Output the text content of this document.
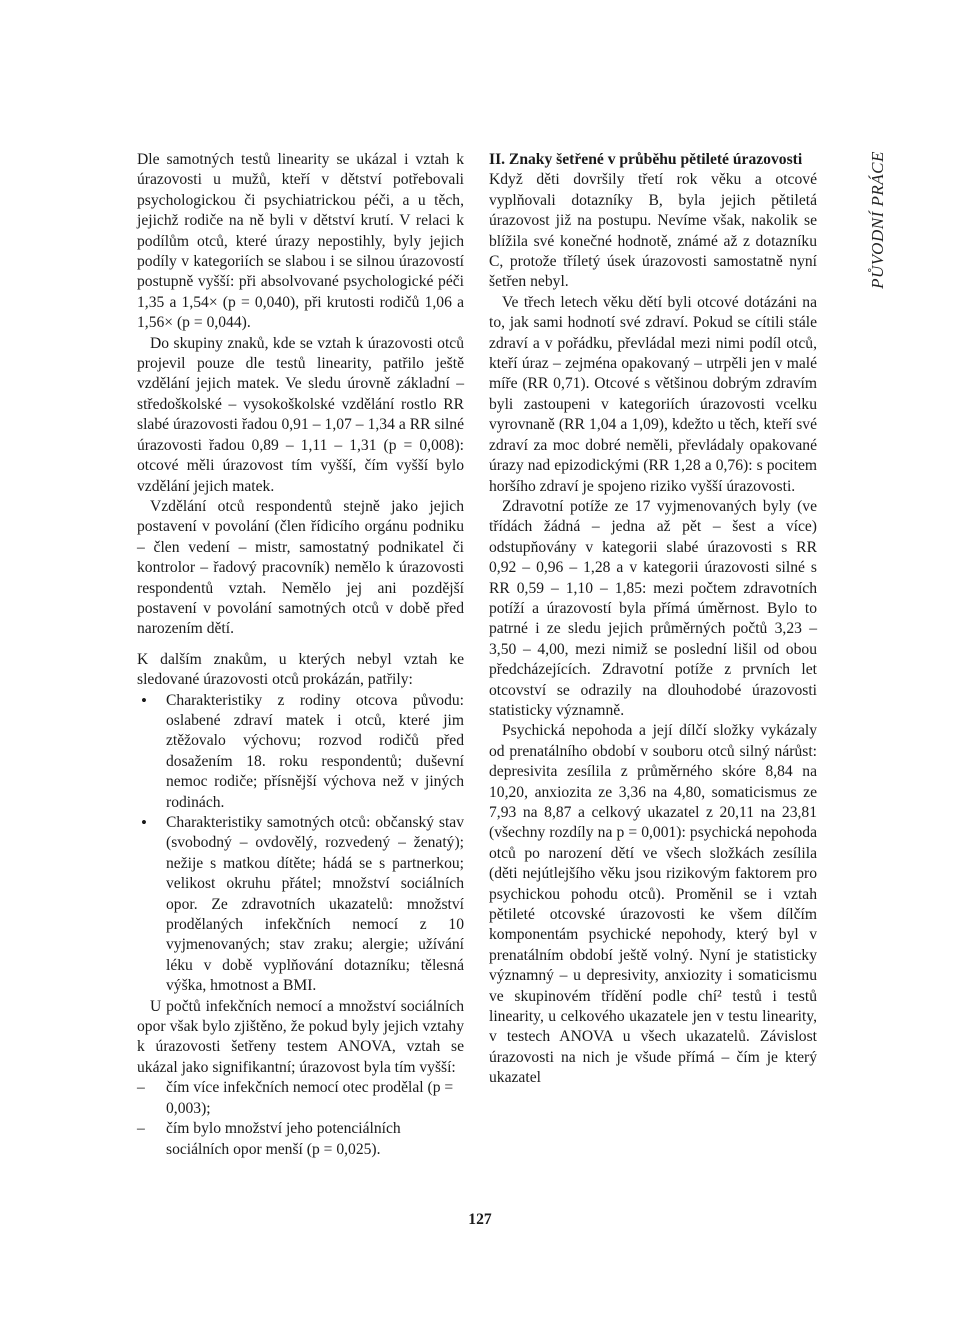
Dle samotných testů linearity se ukázal i vztah k úrazovosti u mužů, kteří v dětství potřebovali psychologickou či psychiatrickou péči, a u těch, jejichž rodiče na ně byli v dětství krutí. V relaci k podílům otců, které úrazy nepostihly, byly jejich podíly v kategoriích se slabou i se silnou úrazovostí postupně vyšší: při absolvované psychologické péči 1,35 a 1,54× (p = 0,040), při krutosti rodičů 1,06 a 1,56× (p = 0,044).

Do skupiny znaků, kde se vztah k úrazovosti otců projevil pouze dle testů linearity, patřilo ještě vzdělání jejich matek. Ve sledu úrovně základní – středoškolské – vysokoškolské vzdělání rostlo RR slabé úrazovosti řadou 0,91 – 1,07 – 1,34 a RR silné úrazovosti řadou 0,89 – 1,11 – 1,31 (p = 0,008): otcové měli úrazovost tím vyšší, čím vyšší bylo vzdělání jejich matek.

Vzdělání otců respondentů stejně jako jejich postavení v povolání (člen řídicího orgánu podniku – člen vedení – mistr, samostatný podnikatel či kontrolor – řadový pracovník) nemělo k úrazovosti respondentů vztah. Nemělo jej ani pozdější postavení v povolání samotných otců v době před narozením dětí.

K dalším znakům, u kterých nebyl vztah ke sledované úrazovosti otců prokázán, patřily:

• Charakteristiky z rodiny otcova původu: oslabené zdraví matek i otců, které jim ztěžovalo výchovu; rozvod rodičů před dosažením 18. roku respondentů; duševní nemoc rodiče; přísnější výchova než v jiných rodinách.
• Charakteristiky samotných otců: občanský stav (svobodný – ovdovělý, rozvedený – ženatý); nežije s matkou dítěte; hádá se s partnerkou; velikost okruhu přátel; množství sociálních opor. Ze zdravotních ukazatelů: množství prodělaných infekčních nemocí z 10 vyjmenovaných; stav zraku; alergie; užívání léku v době vyplňování dotazníku; tělesná výška, hmotnost a BMI.

U počtů infekčních nemocí a množství sociálních opor však bylo zjištěno, že pokud byly jejich vztahy k úrazovosti šetřeny testem ANOVA, vztah se ukázal jako signifikantní; úrazovost byla tím vyšší:

– čím více infekčních nemocí otec prodělal (p = 0,003);
– čím bylo množství jeho potenciálních sociálních opor menší (p = 0,025).
II. Znaky šetřené v průběhu pětileté úrazovosti

Když děti dovršily třetí rok věku a otcové vyplňovali dotazníky B, byla jejich pětiletá úrazovost již na postupu. Nevíme však, nakolik se blížila své konečné hodnotě, známé až z dotazníku C, protože tříletý úsek úrazovosti samostatně nyní šetřen nebyl.

Ve třech letech věku dětí byli otcové dotázáni na to, jak sami hodnotí své zdraví. Pokud se cítili stále zdraví a v pořádku, převládal mezi nimi podíl otců, kteří úraz – zejména opakovaný – utrpěli jen v malé míře (RR 0,71). Otcové s většinou dobrým zdravím byli zastoupeni v kategoriích úrazovosti vcelku vyrovnaně (RR 1,04 a 1,09), kdežto u těch, kteří své zdraví za moc dobré neměli, převládaly opakované úrazy nad epizodickými (RR 1,28 a 0,76): s pocitem horšího zdraví je spojeno riziko vyšší úrazovosti.

Zdravotní potíže ze 17 vyjmenovaných byly (ve třídách žádná – jedna až pět – šest a více) odstupňovány v kategorii slabé úrazovosti s RR 0,92 – 0,96 – 1,28 a v kategorii úrazovosti silné s RR 0,59 – 1,10 – 1,85: mezi počtem zdravotních potíží a úrazovostí byla přímá úměrnost. Bylo to patrné i ze sledu jejich průměrných počtů 3,23 – 3,50 – 4,00, mezi nimiž se poslední lišil od obou předcházejících. Zdravotní potíže z prvních let otcovství se odrazily na dlouhodobé úrazovosti statisticky významně.

Psychická nepohoda a její dílčí složky vykázaly od prenatálního období v souboru otců silný nárůst: depresivita zesílila z průměrného skóre 8,84 na 10,20, anxiozita ze 3,36 na 4,80, somaticismus ze 7,93 na 8,87 a celkový ukazatel z 20,11 na 23,81 (všechny rozdíly na p = 0,001): psychická nepohoda otců po narození dětí ve všech složkách zesílila (děti nejútlejšího věku jsou rizikovým faktorem pro psychickou pohodu otců). Proměnil se i vztah pětileté otcovské úrazovosti ke všem dílčím komponentám psychické nepohody, který byl v prenatálním období ještě volný. Nyní je statisticky významný – u depresivity, anxiozity i somaticismu ve skupinovém třídění podle chí² testů i testů linearity, u celkového ukazatele jen v testu linearity, v testech ANOVA u všech ukazatelů. Závislost úrazovosti na nich je všude přímá – čím je který ukazatel

PŮVODNÍ PRÁCE
127
